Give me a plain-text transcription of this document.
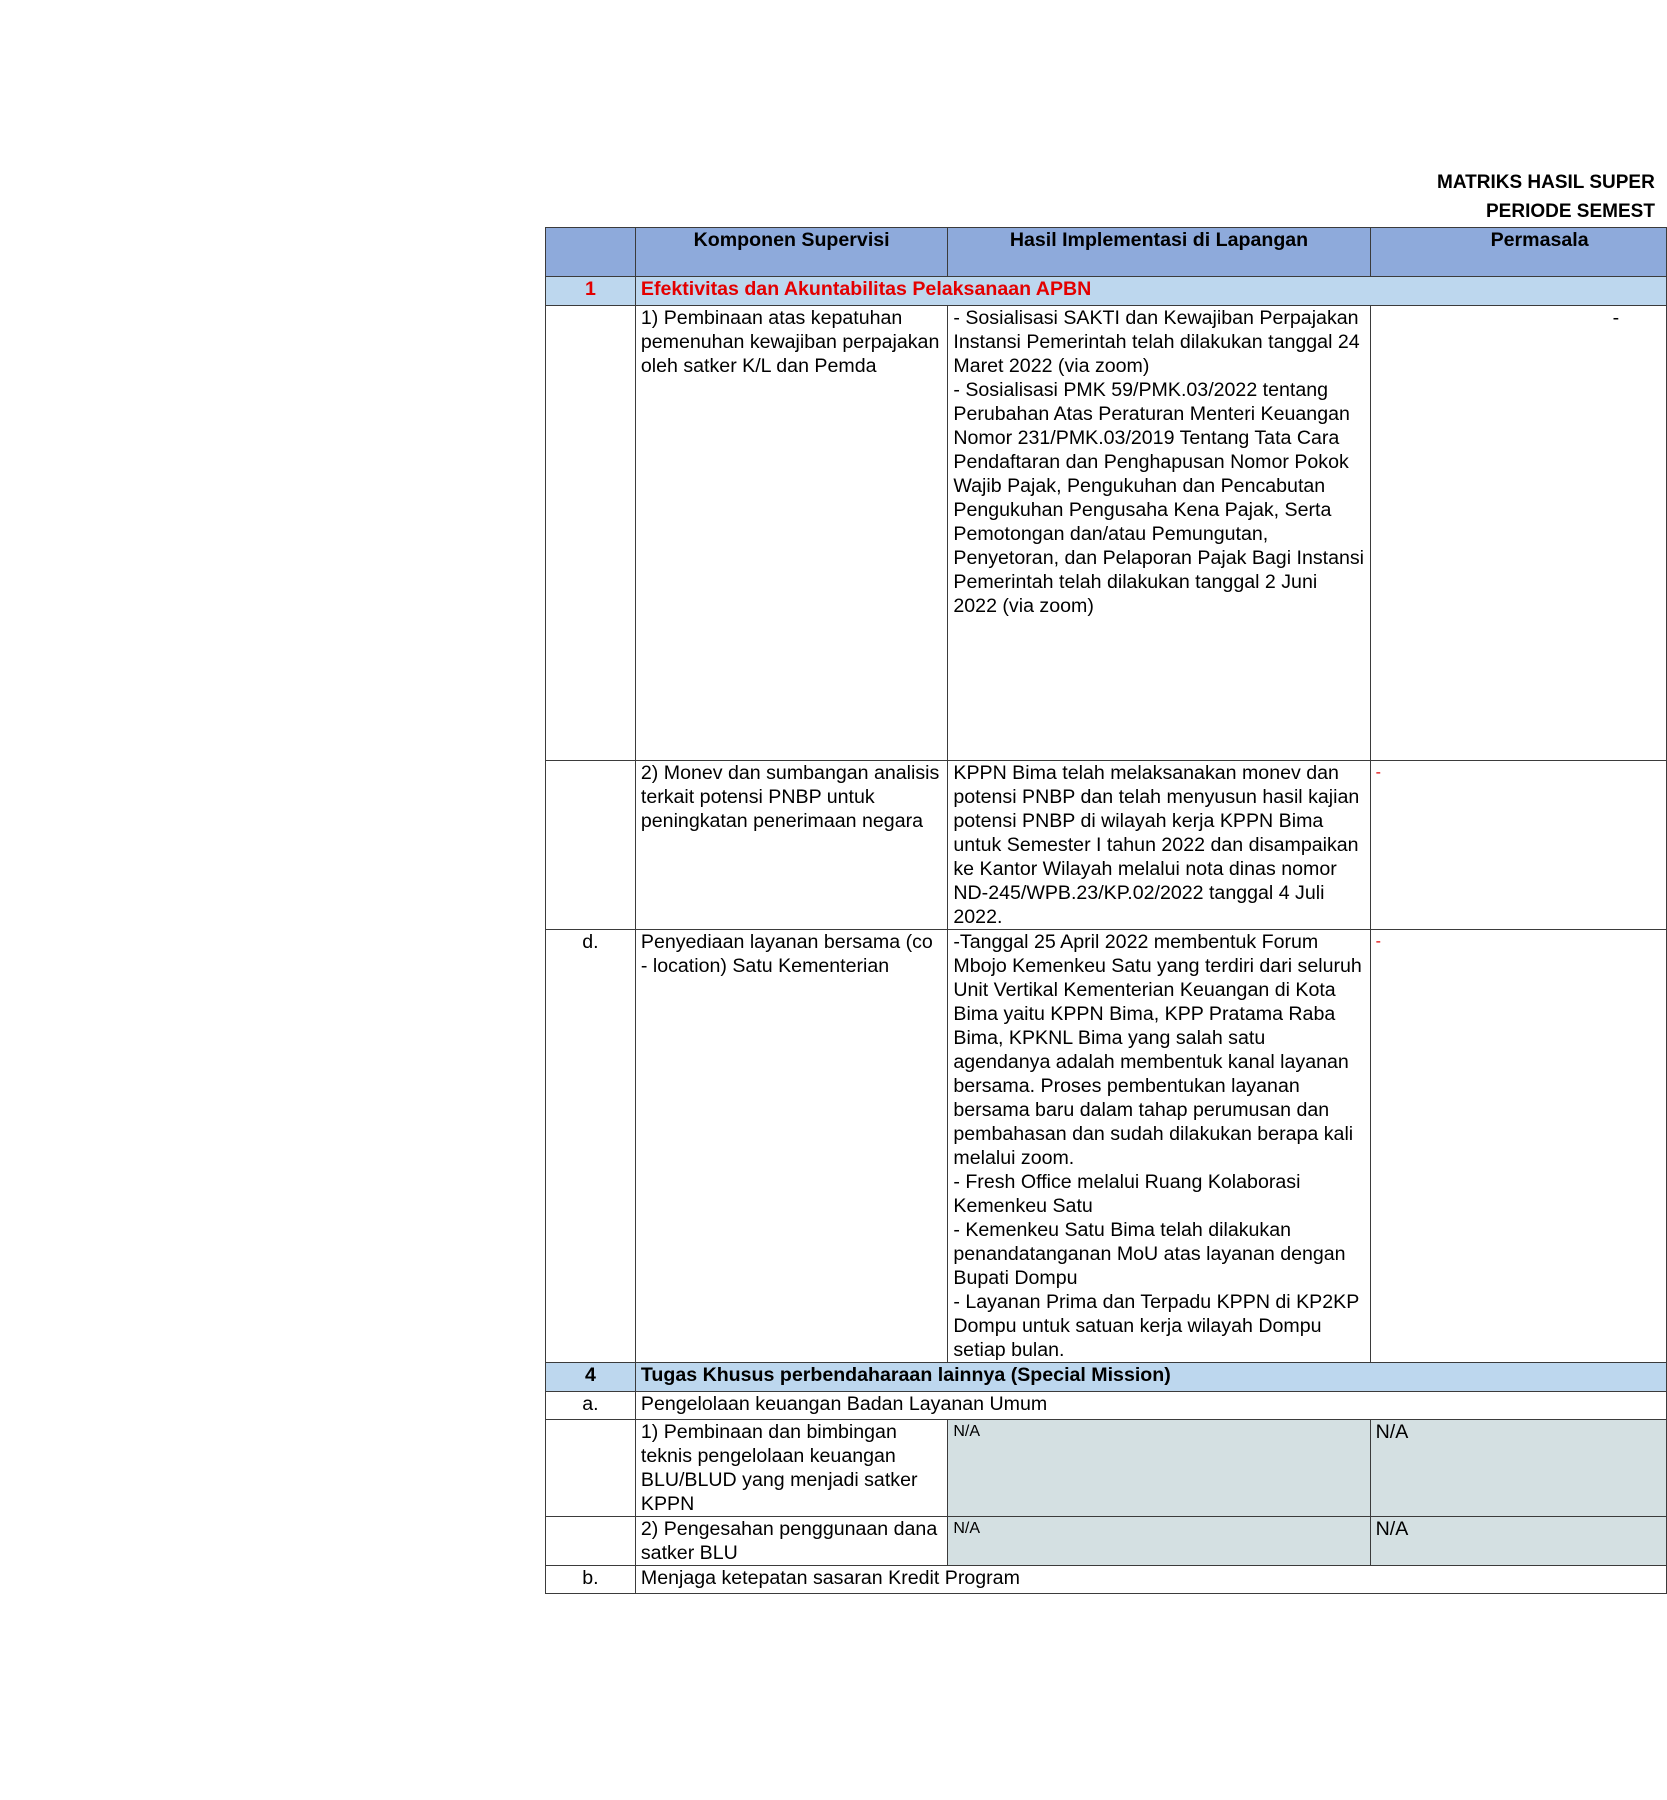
MATRIKS HASIL SUPER
PERIODE SEMEST
	Komponen Supervisi	Hasil Implementasi di Lapangan	Permasala
1	Efektivitas dan Akuntabilitas Pelaksanaan APBN		
	1) Pembinaan atas kepatuhan pemenuhan kewajiban perpajakan oleh satker K/L dan Pemda	- Sosialisasi SAKTI dan Kewajiban Perpajakan Instansi Pemerintah telah dilakukan tanggal 24 Maret 2022 (via zoom)
- Sosialisasi PMK 59/PMK.03/2022 tentang Perubahan Atas Peraturan Menteri Keuangan Nomor 231/PMK.03/2019 Tentang Tata Cara Pendaftaran dan Penghapusan Nomor Pokok Wajib Pajak, Pengukuhan dan Pencabutan Pengukuhan Pengusaha Kena Pajak, Serta Pemotongan dan/atau Pemungutan, Penyetoran, dan Pelaporan Pajak Bagi Instansi Pemerintah telah dilakukan tanggal 2 Juni 2022 (via zoom)	-
	2) Monev dan sumbangan analisis terkait potensi PNBP untuk peningkatan penerimaan negara	KPPN Bima telah melaksanakan monev dan potensi PNBP dan telah menyusun hasil kajian potensi PNBP di wilayah kerja KPPN Bima untuk Semester I tahun 2022 dan disampaikan ke Kantor Wilayah melalui nota dinas nomor ND-245/WPB.23/KP.02/2022 tanggal 4 Juli 2022.	-
d.	Penyediaan layanan bersama (co - location) Satu Kementerian	-Tanggal 25 April 2022 membentuk Forum Mbojo Kemenkeu Satu yang terdiri dari seluruh Unit Vertikal Kementerian Keuangan di Kota Bima yaitu KPPN Bima, KPP Pratama Raba Bima, KPKNL Bima yang salah satu agendanya adalah membentuk kanal layanan bersama. Proses pembentukan layanan bersama baru dalam tahap perumusan dan pembahasan dan sudah dilakukan berapa kali melalui zoom.
- Fresh Office melalui Ruang Kolaborasi Kemenkeu Satu
- Kemenkeu Satu Bima telah dilakukan penandatanganan MoU atas layanan dengan Bupati Dompu
- Layanan Prima dan Terpadu KPPN di KP2KP Dompu untuk satuan kerja wilayah Dompu setiap bulan.	-
4	Tugas Khusus perbendaharaan lainnya (Special Mission)		
a.	Pengelolaan keuangan Badan Layanan Umum		
	1) Pembinaan dan bimbingan teknis pengelolaan keuangan BLU/BLUD yang menjadi satker KPPN	N/A	N/A
	2) Pengesahan penggunaan dana satker BLU	N/A	N/A
b.	Menjaga ketepatan sasaran Kredit Program		
